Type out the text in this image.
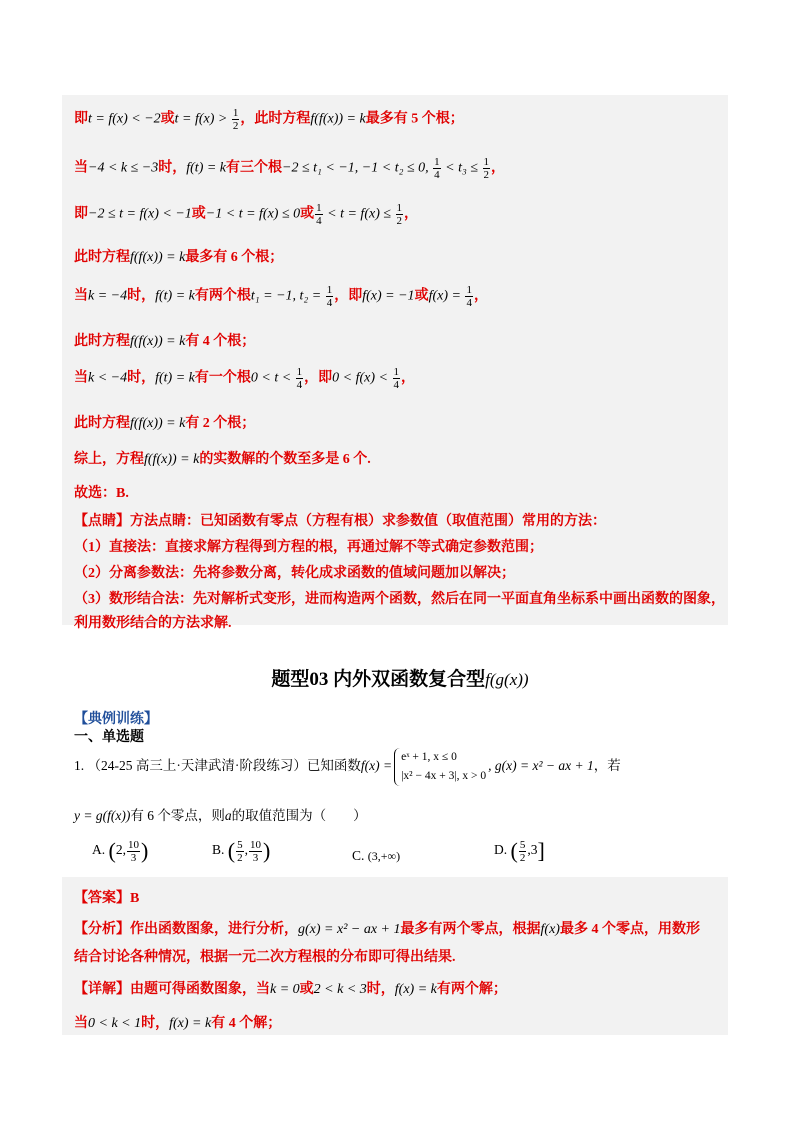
即t = f(x) < −2或$t = f(x) > \frac{1}{2}$ ，此时方程f(f(x)) = k最多有 5 个根；
当−4 < k ≤ −3时，f(t) = k有三个根−2 ≤ t₁ < −1, −1 < t₂ ≤ 0, $\frac{1}{4} < t_3 \le \frac{1}{2}$ ，
即−2 ≤ t = f(x) < −1或−1 < t = f(x) ≤ 0或 $\frac{1}{4} < t = f(x) \le \frac{1}{2}$ ，
此时方程f(f(x)) = k最多有 6 个根；
当k = −4时，f(t) = k有两个根t₁ = −1, $t_2 = \frac{1}{4}$ ，即f(x) = −1或$f(x) = \frac{1}{4}$ ，
此时方程f(f(x)) = k有 4 个根；
当k < −4时，f(t) = k有一个根$0 < t < \frac{1}{4}$ ，即$0 < f(x) < \frac{1}{4}$ ，
此时方程f(f(x)) = k有 2 个根；
综上，方程f(f(x)) = k的实数解的个数至多是 6 个.
故选：B.
【点睛】方法点睛：已知函数有零点（方程有根）求参数值（取值范围）常用的方法：
（1）直接法：直接求解方程得到方程的根，再通过解不等式确定参数范围；
（2）分离参数法：先将参数分离，转化成求函数的值域问题加以解决；
（3）数形结合法：先对解析式变形，进而构造两个函数，然后在同一平面直角坐标系中画出函数的图象，
利用数形结合的方法求解.
题型03 内外双函数复合型f(g(x))
【典例训练】
一、单选题
1. （24-25 高三上·天津武清·阶段练习）已知函数f(x) =
eˣ + 1, x ≤ 0
|x² − 4x + 3|, x > 0
, g(x) = x² − ax + 1，若
y = g(f(x))有 6 个零点，则a的取值范围为（　　）
A. (2, $\frac{10}{3}$ )	B. ( $\frac{5}{2}$ , $\frac{10}{3}$ )	C. (3,+∞)	D. ( $\frac{5}{2} ,3$]
【答案】B
【分析】作出函数图象，进行分析，g(x) = x² − ax + 1最多有两个零点，根据f(x)最多 4 个零点，用数形
结合讨论各种情况，根据一元二次方程根的分布即可得出结果.
【详解】由题可得函数图象，当k = 0或2 < k < 3时，f(x) = k有两个解；
当0 < k < 1时，f(x) = k有 4 个解；
